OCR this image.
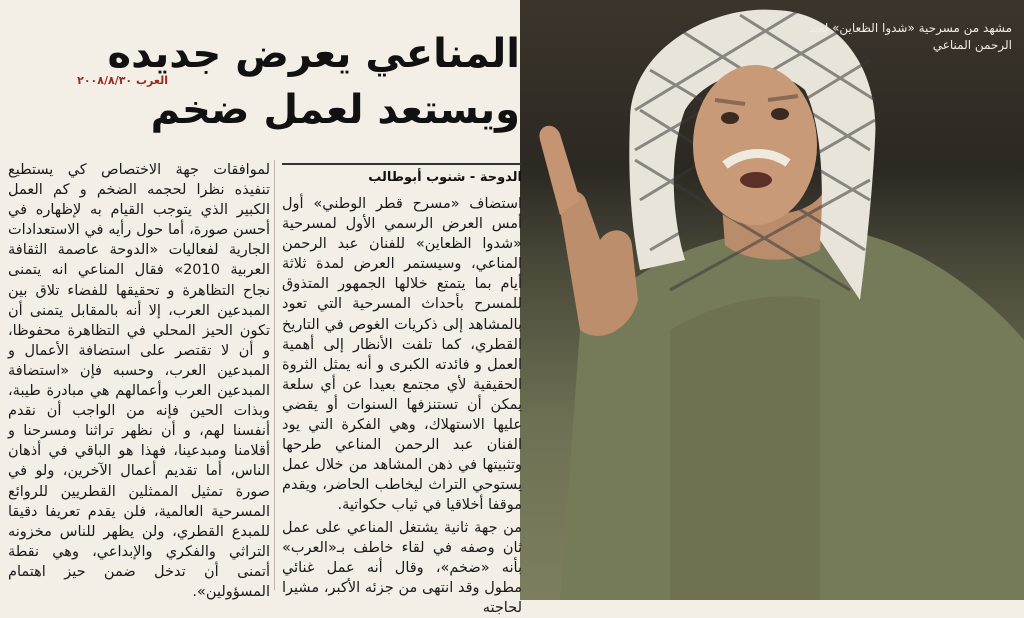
مشهد من مسرحية «شدوا الظعاين» لعبد الرحمن المناعي
المناعي يعرض جديده
ويستعد لعمل ضخم
العرب ٢٠٠٨/٨/٣٠
الدوحة - شنوب أبوطالب

استضاف «مسرح قطر الوطني» أول أمس العرض الرسمي الأول لمسرحية «شدوا الظعاين» للفنان عبد الرحمن المناعي، وسيستمر العرض لمدة ثلاثة أيام بما يتمتع خلالها الجمهور المتذوق للمسرح بأحداث المسرحية التي تعود بالمشاهد إلى ذكريات الغوص في التاريخ القطري، كما تلفت الأنظار إلى أهمية العمل و فائدته الكبرى و أنه يمثل الثروة الحقيقية لأي مجتمع بعيدا عن أي سلعة يمكن أن تستنزفها السنوات أو يقضي عليها الاستهلاك، وهي الفكرة التي يود الفنان عبد الرحمن المناعي طرحها وتثبيتها في ذهن المشاهد من خلال عمل يستوحي التراث ليخاطب الحاضر، ويقدم موقفا أخلاقيا في ثياب حكواتية.

من جهة ثانية يشتغل المناعي على عمل ثان وصفه في لقاء خاطف بـ«العرب» بأنه «ضخم»، وقال أنه عمل غنائي مطول وقد انتهى من جزئه الأكبر، مشيرا لحاجته

لموافقات جهة الاختصاص كي يستطيع تنفيذه نظرا لحجمه الضخم و كم العمل الكبير الذي يتوجب القيام به لإظهاره في أحسن صورة، أما حول رأيه في الاستعدادات الجارية لفعاليات «الدوحة عاصمة الثقافة العربية 2010» فقال المناعي انه يتمنى نجاح التظاهرة و تحقيقها للفضاء تلاق بين المبدعين العرب، إلا أنه بالمقابل يتمنى أن تكون الحيز المحلي في التظاهرة محفوظا، و أن لا تقتصر على استضافة الأعمال و المبدعين العرب، وحسبه فإن «استضافة المبدعين العرب وأعمالهم هي مبادرة طيبة، وبذات الحين فإنه من الواجب أن نقدم أنفسنا لهم، و أن نظهر تراثنا ومسرحنا و أقلامنا ومبدعينا، فهذا هو الباقي في أذهان الناس، أما تقديم أعمال الآخرين، ولو في صورة تمثيل الممثلين القطريين للروائع المسرحية العالمية، فلن يقدم تعريفا دقيقا للمبدع القطري، ولن يظهر للناس مخزونه التراثي والفكري والإبداعي، وهي نقطة أتمنى أن تدخل ضمن حيز اهتمام المسؤولين».
